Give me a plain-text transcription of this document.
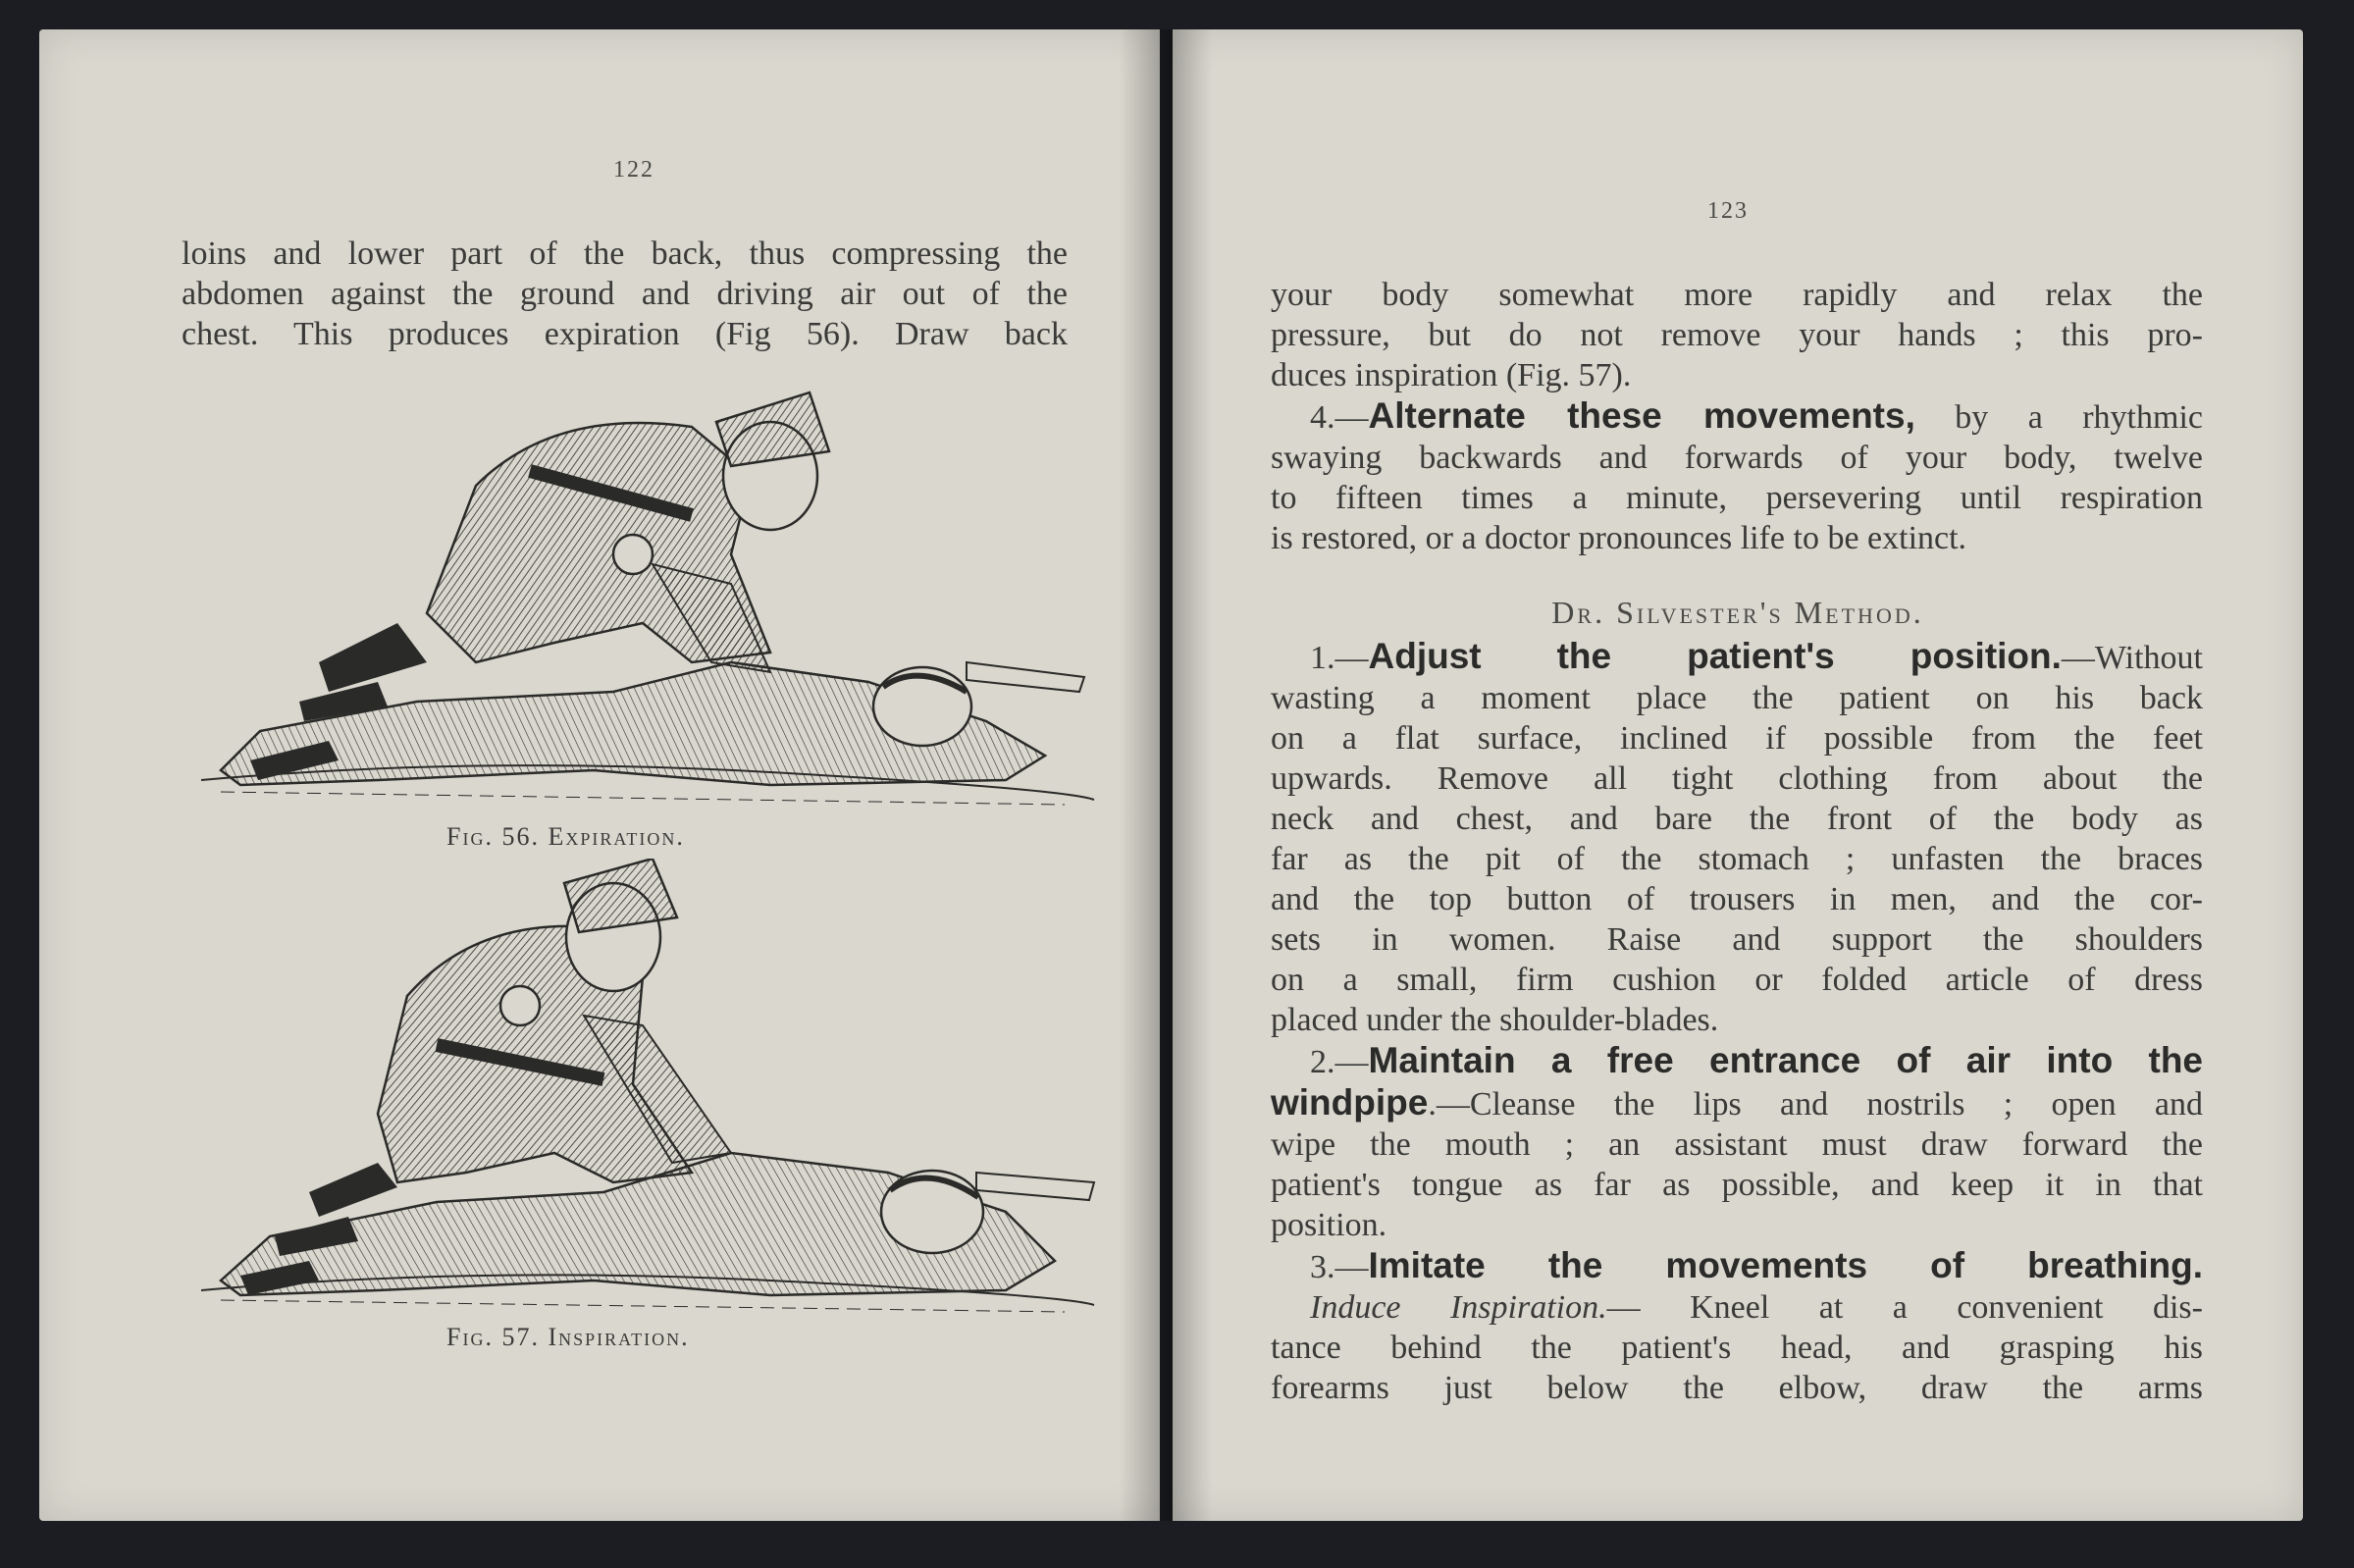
122
loins and lower part of the back, thus compressing the
abdomen against the ground and driving air out of the
chest. This produces expiration (Fig 56). Draw back
Fig. 56. Expiration.
Fig. 57. Inspiration.
123
your body somewhat more rapidly and relax the
pressure, but do not remove your hands ; this pro-
duces inspiration (Fig. 57).
4.—Alternate these movements, by a rhythmic
swaying backwards and forwards of your body, twelve
to fifteen times a minute, persevering until respiration
is restored, or a doctor pronounces life to be extinct.
Dr. Silvester's Method.
1.—Adjust the patient's position.—Without
wasting a moment place the patient on his back
on a flat surface, inclined if possible from the feet
upwards. Remove all tight clothing from about the
neck and chest, and bare the front of the body as
far as the pit of the stomach ; unfasten the braces
and the top button of trousers in men, and the cor-
sets in women. Raise and support the shoulders
on a small, firm cushion or folded article of dress
placed under the shoulder-blades.
2.—Maintain a free entrance of air into the
windpipe.—Cleanse the lips and nostrils ; open and
wipe the mouth ; an assistant must draw forward the
patient's tongue as far as possible, and keep it in that
position.
3.—Imitate the movements of breathing.
Induce Inspiration.— Kneel at a convenient dis-
tance behind the patient's head, and grasping his
forearms just below the elbow, draw the arms
